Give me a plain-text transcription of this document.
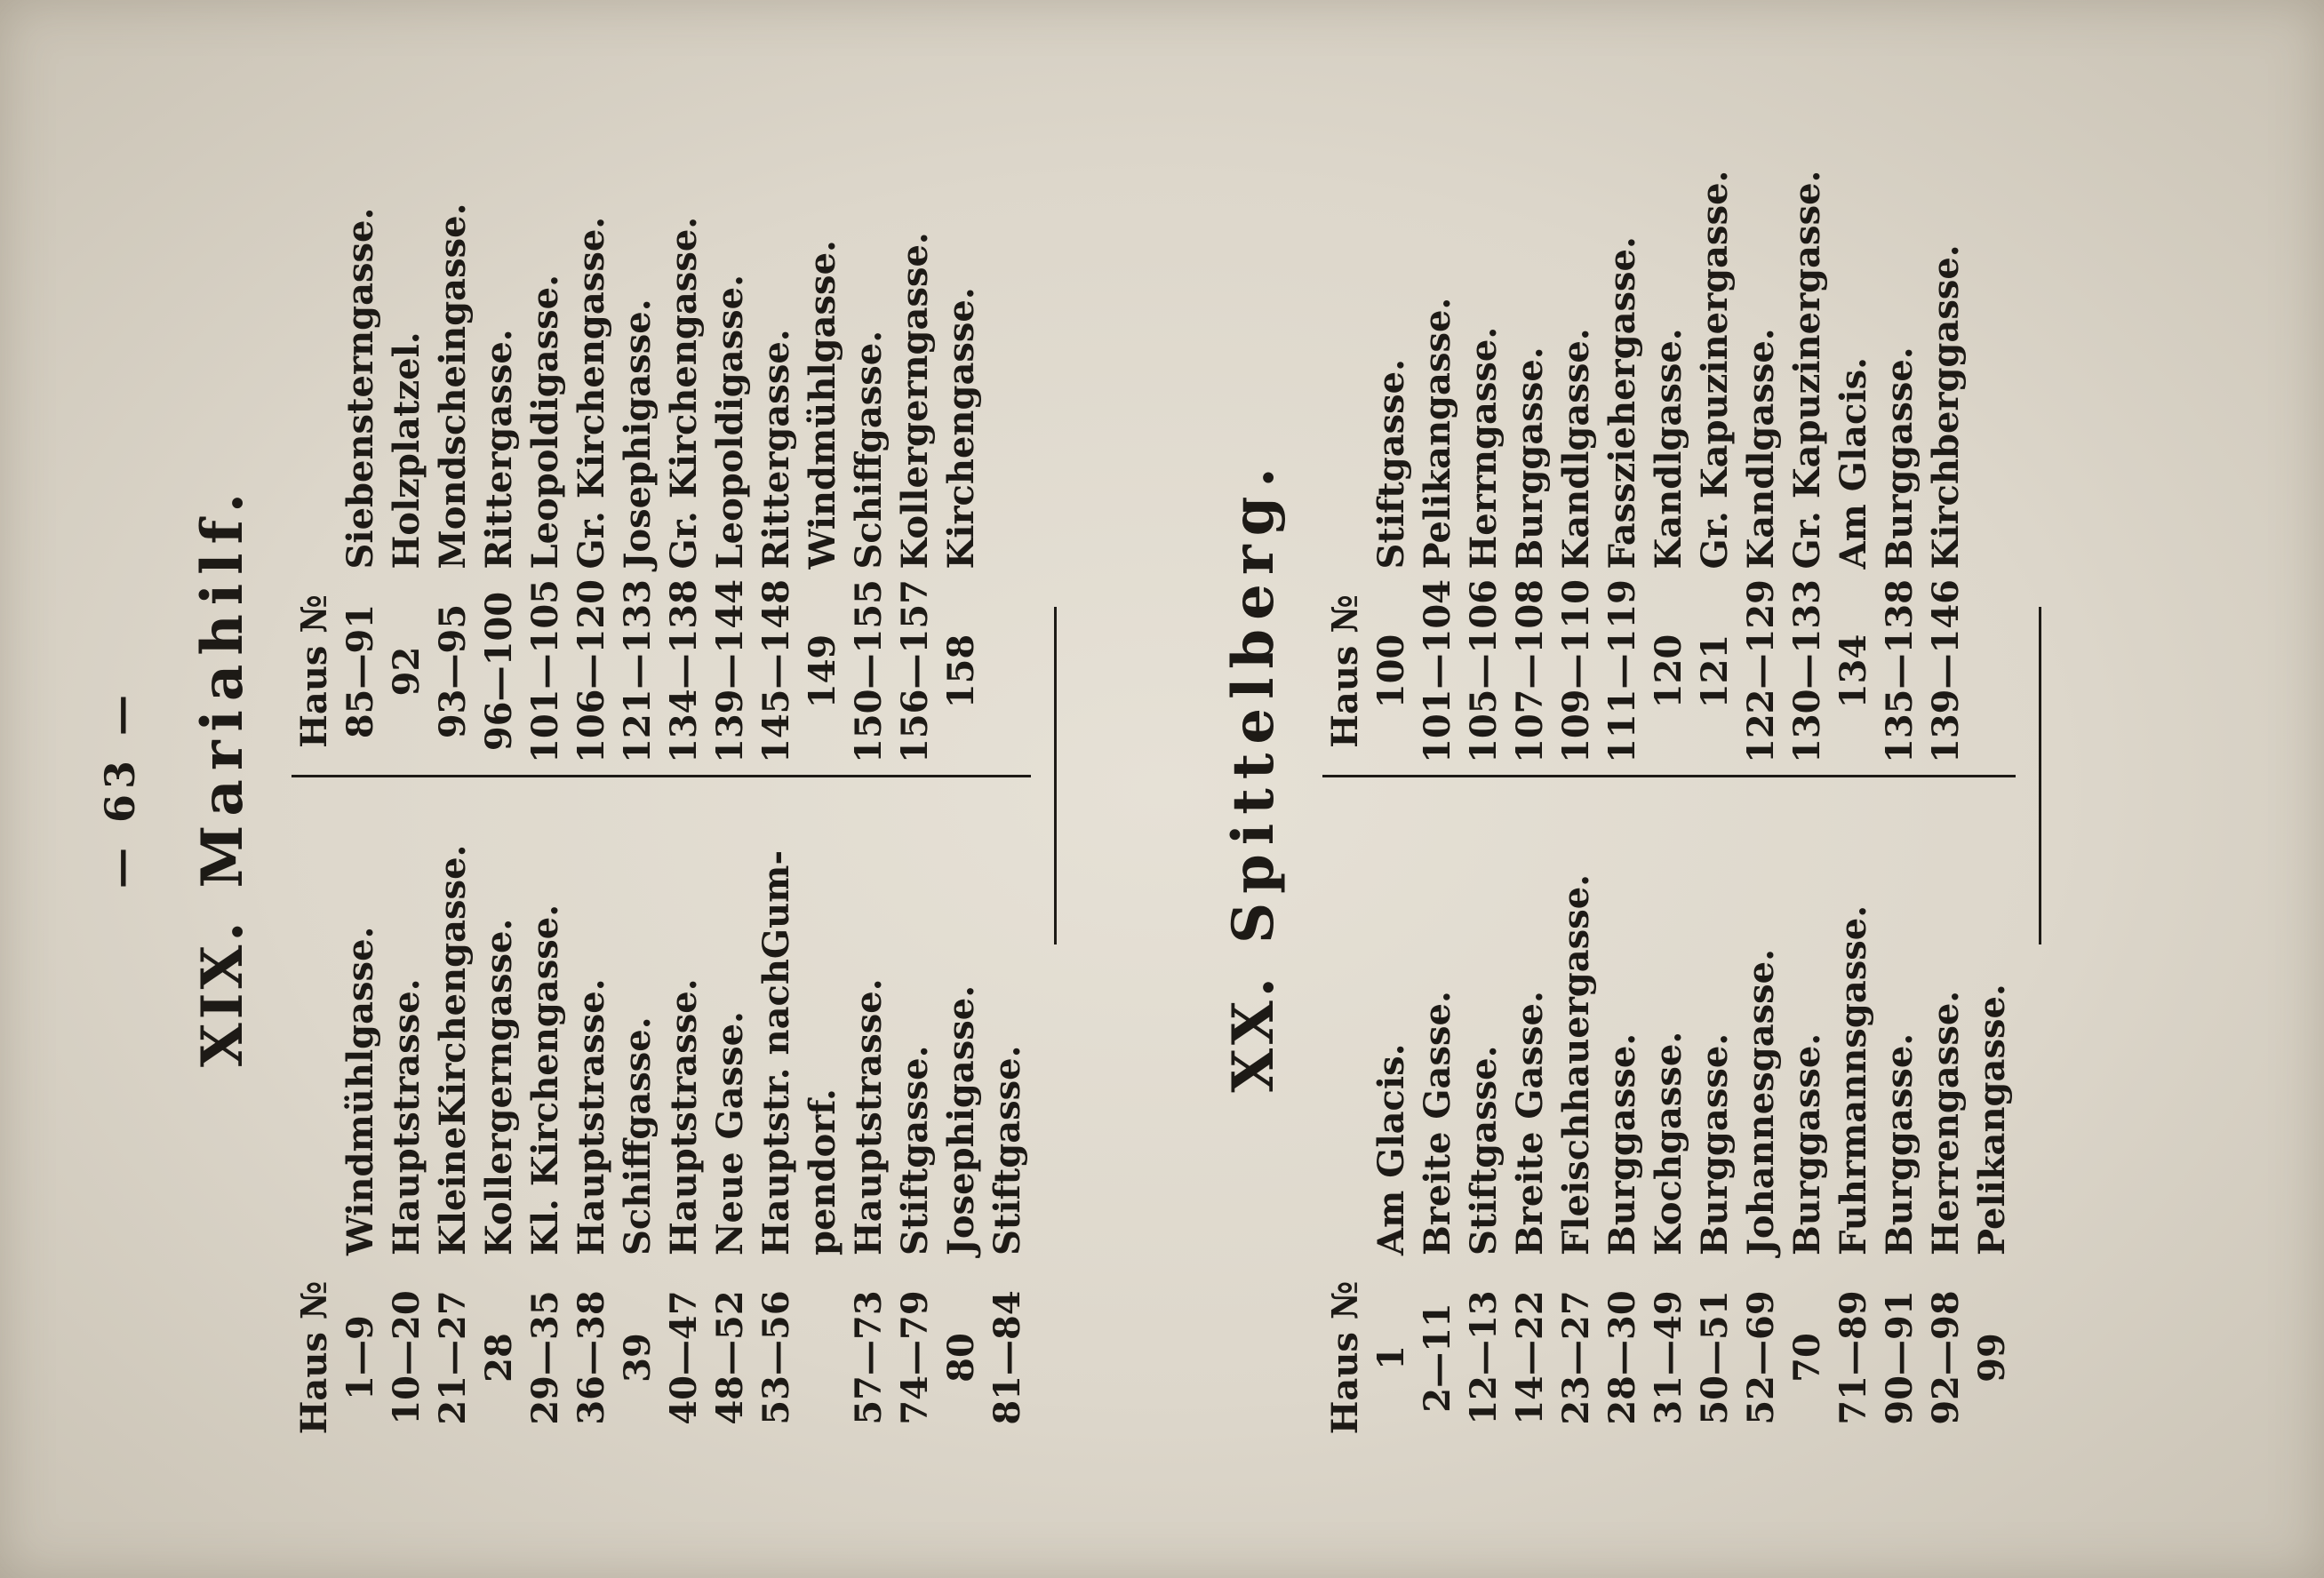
— 63 —
XIX.Mariahilf.
Haus № 1—9
Windmühlgasse.
10—20
Hauptstrasse.
21—27
KleineKirchengasse.
28
Kollergerngasse.
29—35
Kl. Kirchengasse.
36—38
Hauptstrasse.
39
Schiffgasse.
40—47
Hauptstrasse.
48—52
Neue Gasse.
53—56
Hauptstr. nachGum- pendorf.
57—73
Hauptstrasse.
74—79
Stiftgasse.
80
Josephigasse.
81—84
Stiftgasse.
Haus № 85—91
Siebensterngasse.
92
Holzplatzel.
93—95
Mondscheingasse.
96—100
Rittergasse.
101—105
Leopoldigasse.
106—120
Gr. Kirchengasse.
121—133
Josephigasse.
134—138
Gr. Kirchengasse.
139—144
Leopoldigasse.
145—148
Rittergasse.
149
Windmühlgasse.
150—155
Schiffgasse.
156—157
Kollergerngasse.
158
Kirchengasse.
XX.Spittelberg.
Haus № 1
Am Glacis.
2—11
Breite Gasse.
12—13
Stiftgasse.
14—22
Breite Gasse.
23—27
Fleischhauergasse.
28—30
Burggasse.
31—49
Kochgasse.
50—51
Burggasse.
52—69
Johannesgasse.
70
Burggasse.
71—89
Fuhrmannsgasse.
90—91
Burggasse.
92—98
Herrengasse.
99
Pelikangasse.
Haus № 100
Stiftgasse.
101—104
Pelikangasse.
105—106
Herrngasse.
107—108
Burggasse.
109—110
Kandlgasse.
111—119
Fassziehergasse.
120
Kandlgasse.
121
Gr. Kapuzinergasse.
122—129
Kandlgasse.
130—133
Gr. Kapuzinergasse.
134
Am Glacis.
135—138
Burggasse.
139—146
Kirchberggasse.
